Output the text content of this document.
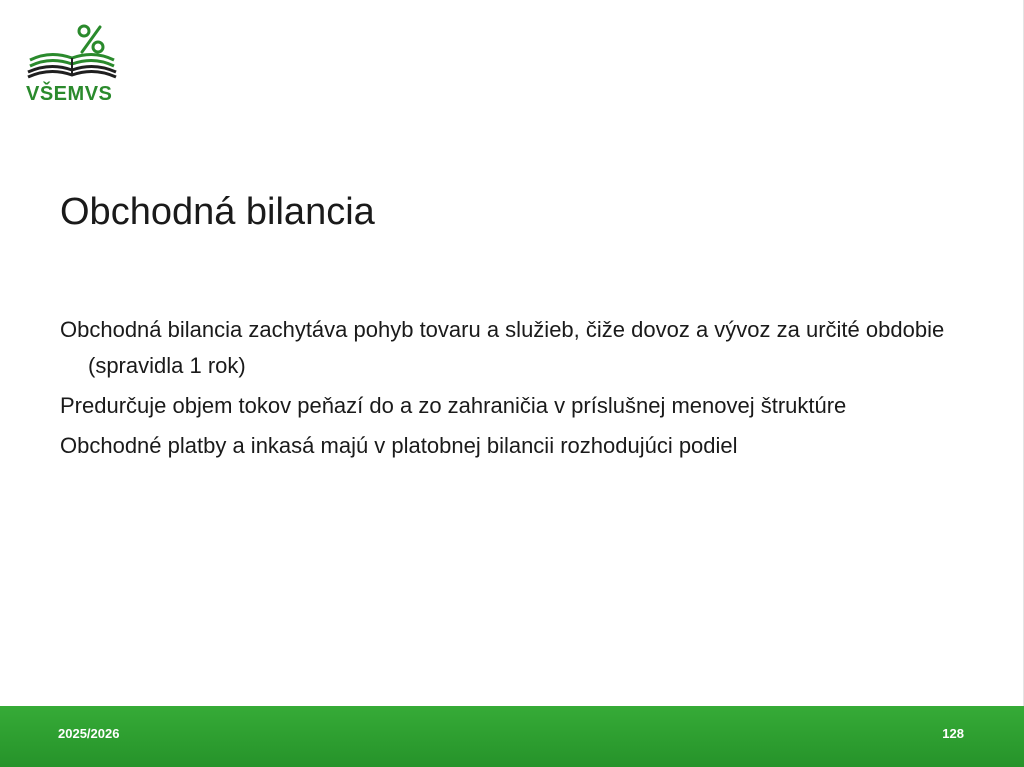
VŠEMVS
Obchodná bilancia
Obchodná bilancia zachytáva pohyb tovaru a služieb, čiže dovoz a vývoz za určité obdobie (spravidla 1 rok)
Predurčuje objem tokov peňazí do a zo zahraničia v príslušnej menovej štruktúre
Obchodné platby a inkasá majú v platobnej bilancii rozhodujúci podiel
2025/2026	128
